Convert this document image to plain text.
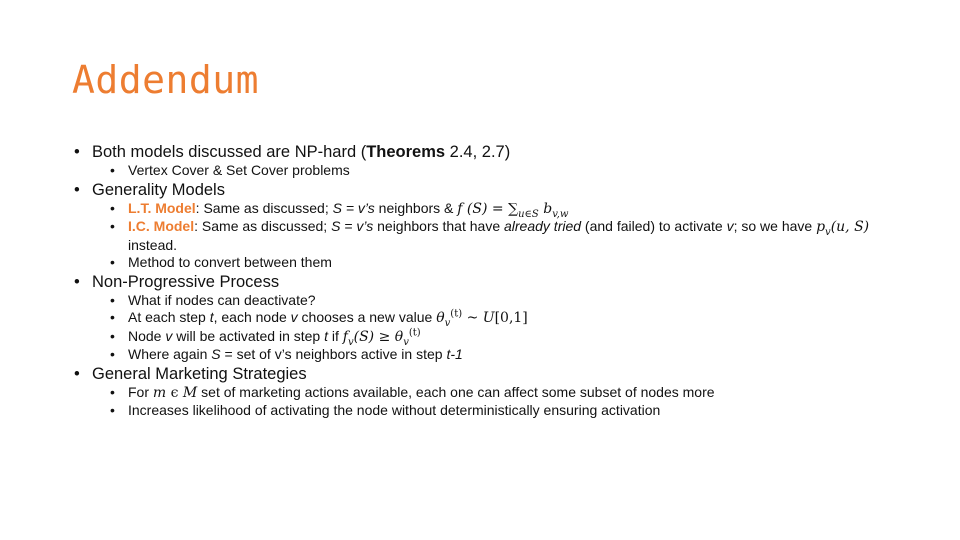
Addendum
• Both models discussed are NP-hard (Theorems 2.4, 2.7)
• Vertex Cover & Set Cover problems
• Generality Models
• L.T. Model: Same as discussed; S = v’s neighbors & f $(S) = \sum_{u\in S}$ $b_{v,w}$
• I.C. Model: Same as discussed; S = v’s neighbors that have already tried (and failed) to activate v; so we have $p_v(u$, S) instead.
• Method to convert between them
• Non-Progressive Process
• What if nodes can deactivate?
• At each step t, each node v chooses a new value $\theta_v^{(t)}$ ~ U[0,1]
• Node v will be activated in step t if $f_v(S) \ge \theta_v^{(t)}$
• Where again S = set of v’s neighbors active in step t-1
• General Marketing Strategies
• For m ϵ M set of marketing actions available, each one can affect some subset of nodes more
• Increases likelihood of activating the node without deterministically ensuring activation
